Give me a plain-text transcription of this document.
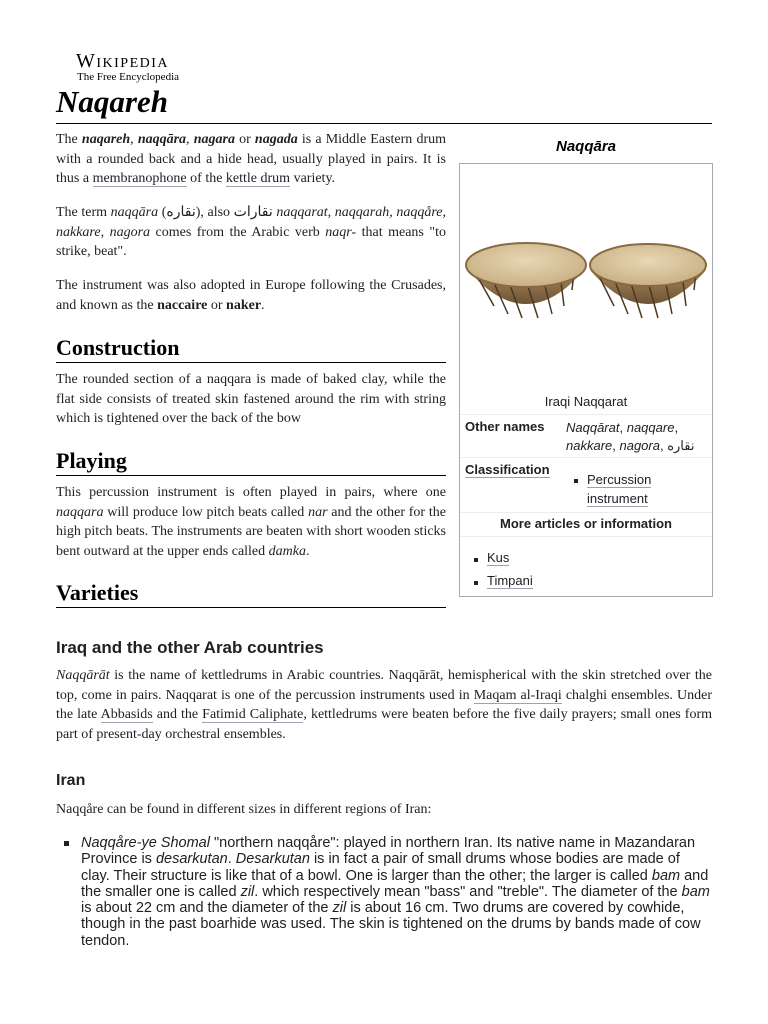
Wikipedia
The Free Encyclopedia
Naqareh
The naqareh, naqqāra, nagara or nagada is a Middle Eastern drum with a rounded back and a hide head, usually played in pairs. It is thus a membranophone of the kettle drum variety.
The term naqqāra (نقاره), also نقارات naqqarat, naqqarah, naqqåre, nakkare, nagora comes from the Arabic verb naqr- that means "to strike, beat".
The instrument was also adopted in Europe following the Crusades, and known as the naccaire or naker.
Construction
The rounded section of a naqqara is made of baked clay, while the flat side consists of treated skin fastened around the rim with string which is tightened over the back of the bow
Playing
This percussion instrument is often played in pairs, where one naqqara will produce low pitch beats called nar and the other for the high pitch beats. The instruments are beaten with short wooden sticks bent outward at the upper ends called damka.
Varieties
Iraq and the other Arab countries
Naqqārāt is the name of kettledrums in Arabic countries. Naqqārāt, hemispherical with the skin stretched over the top, come in pairs. Naqqarat is one of the percussion instruments used in Maqam al-Iraqi chalghi ensembles. Under the late Abbasids and the Fatimid Caliphate, kettledrums were beaten before the five daily prayers; small ones form part of present-day orchestral ensembles.
Iran
Naqqåre can be found in different sizes in different regions of Iran:
Naqqåre-ye Shomal "northern naqqåre": played in northern Iran. Its native name in Mazandaran Province is desarkutan. Desarkutan is in fact a pair of small drums whose bodies are made of clay. Their structure is like that of a bowl. One is larger than the other; the larger is called bam and the smaller one is called zil. which respectively mean "bass" and "treble". The diameter of the bam is about 22 cm and the diameter of the zil is about 16 cm. Two drums are covered by cowhide, though in the past boarhide was used. The skin is tightened on the drums by bands made of cow tendon.
Naqqāra
Iraqi Naqqarat
Other names Naqqārat, naqqare, nakkare, nagora, نقاره
Classification
Percussion instrument
More articles or information
Kus
Timpani
